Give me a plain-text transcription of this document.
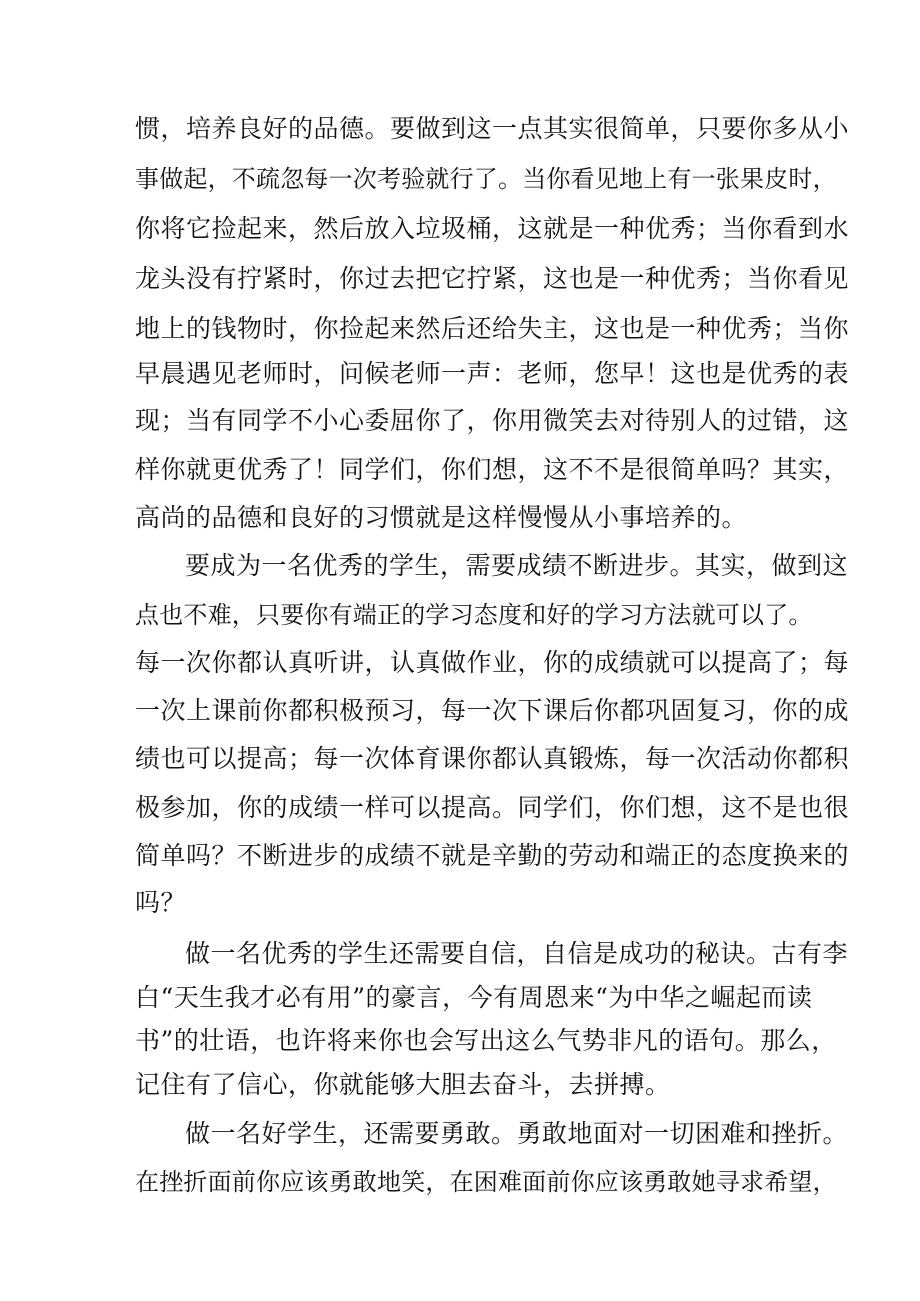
惯，培养良好的品德。要做到这一点其实很简单，只要你多从小
事做起，不疏忽每一次考验就行了。当你看见地上有一张果皮时，
你将它捡起来，然后放入垃圾桶，这就是一种优秀；当你看到水
龙头没有拧紧时，你过去把它拧紧，这也是一种优秀；当你看见
地上的钱物时，你捡起来然后还给失主，这也是一种优秀；当你
早晨遇见老师时，问候老师一声：老师，您早！这也是优秀的表
现；当有同学不小心委屈你了，你用微笑去对待别人的过错，这
样你就更优秀了！同学们，你们想，这不不是很简单吗？其实，
高尚的品德和良好的习惯就是这样慢慢从小事培养的。
要成为一名优秀的学生，需要成绩不断进步。其实，做到这
点也不难，只要你有端正的学习态度和好的学习方法就可以了。
每一次你都认真听讲，认真做作业，你的成绩就可以提高了；每
一次上课前你都积极预习，每一次下课后你都巩固复习，你的成
绩也可以提高；每一次体育课你都认真锻炼，每一次活动你都积
极参加，你的成绩一样可以提高。同学们，你们想，这不是也很
简单吗？不断进步的成绩不就是辛勤的劳动和端正的态度换来的
吗？
做一名优秀的学生还需要自信，自信是成功的秘诀。古有李
白“天生我才必有用”的豪言，今有周恩来“为中华之崛起而读
书”的壮语，也许将来你也会写出这么气势非凡的语句。那么，
记住有了信心，你就能够大胆去奋斗，去拼搏。
做一名好学生，还需要勇敢。勇敢地面对一切困难和挫折。
在挫折面前你应该勇敢地笑，在困难面前你应该勇敢她寻求希望，
